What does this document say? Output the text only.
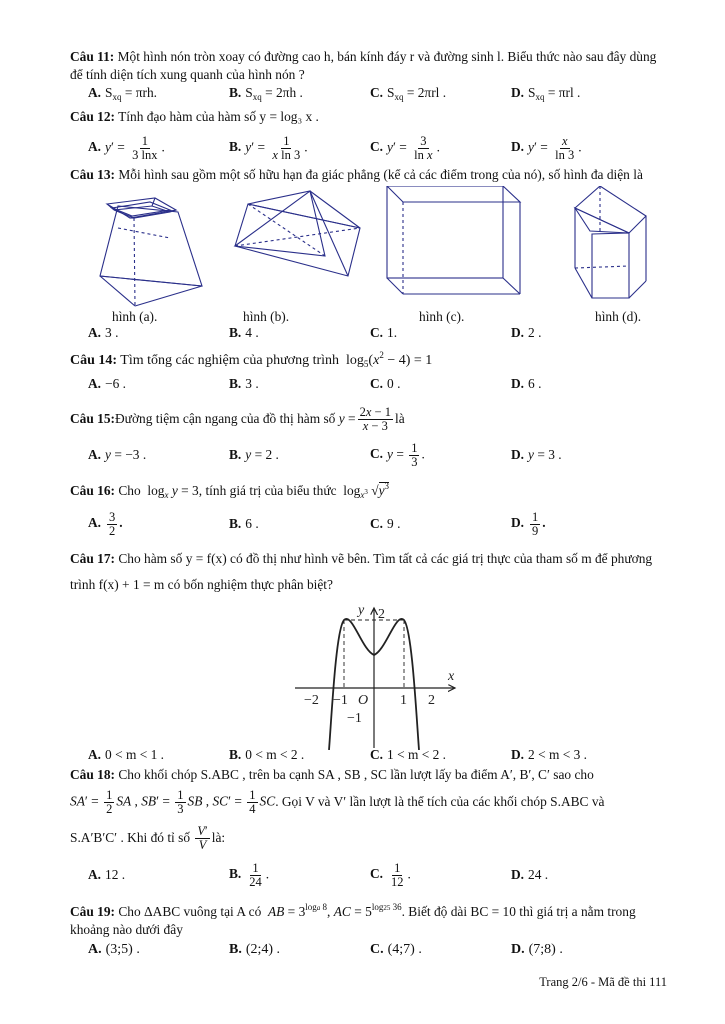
Câu 11: Một hình nón tròn xoay có đường cao h, bán kính đáy r và đường sinh l. Biểu thức nào sau đây dùng để tính diện tích xung quanh của hình nón ?
A. $S_{xq} = \pi rh$.	B. $S_{xq} = 2\pi h$ .	C. $S_{xq} = 2\pi rl$ .	D. $S_{xq} = \pi rl$ .
Câu 12: Tính đạo hàm của hàm số y = log₃ x .
A. $y' = \frac{1}{3 \ln x}$ .	B. $y' = \frac{1}{\text{x ln 3}}$ .	C. $y' = \frac{3}{\text{ln x}}$ .	D. $y' = \frac{x}{\ln 3}$ .
Câu 13: Mỗi hình sau gồm một số hữu hạn đa giác phẳng (kể cả các điểm trong của nó), số hình đa diện là
hình (a).	hình (b).	hình (c).	hình (d).
A. 3 .	B. 4 .	C. 1.	D. 2 .
Câu 14: Tìm tổng các nghiệm của phương trình  $\log_5(x^2 - 4) = 1$
A. −6 .	B. 3 .	C. 0 .	D. 6 .
Câu 15: Đường tiệm cận ngang của đồ thị hàm số
$y = \frac{2x - 1}{x - 3}$ là
A. y = −3 .	B. y = 2 .	C. $y = \frac{1}{3}$ .	D. y = 3 .
Câu 16: Cho  $\log_x y = 3$, tính giá trị của biểu thức  $\log_{x^3} √y^3$
A. $\frac{3}{2}$ .	B. 6 .	C. 9 .	D. $\frac{1}{9}$ .
Câu 17: Cho hàm số y = f(x) có đồ thị như hình vẽ bên. Tìm tất cả các giá trị thực của tham số m để phương trình f(x) + 1 = m có bốn nghiệm thực phân biệt?
y
x
O
−2 −1	1 2
2
−1
A. 0 < m < 1 .	B. 0 < m < 2 .	C. 1 < m < 2 .	D. 2 < m < 3 .
Câu 18: Cho khối chóp S.ABC , trên ba cạnh SA , SB , SC lần lượt lấy ba điểm A′, B′, C′ sao cho
$SA' = \frac{1}{2}$ SA , $SB' = \frac{1}{3}$ SB , $SC' = \frac{1}{4}$ SC . Gọi V và V′ lần lượt là thể tích của các khối chóp S.ABC và
S.A′B′C′ . Khi đó tỉ số
$\frac{V'}{V}$ là:
A. 12 .	B. $\frac{1}{24}$ .	C. $\frac{1}{12}$ .	D. 24 .
Câu 19: Cho ΔABC vuông tại A có AB = $3^{loga 8}$, AC = $5^{log25 36}$. Biết độ dài BC = 10 thì giá trị a nằm trong khoảng nào dưới đây
A. (3;5) .	B. (2;4) .	C. (4;7) .	D. (7;8) .
Trang 2/6 - Mã đề thi 111
